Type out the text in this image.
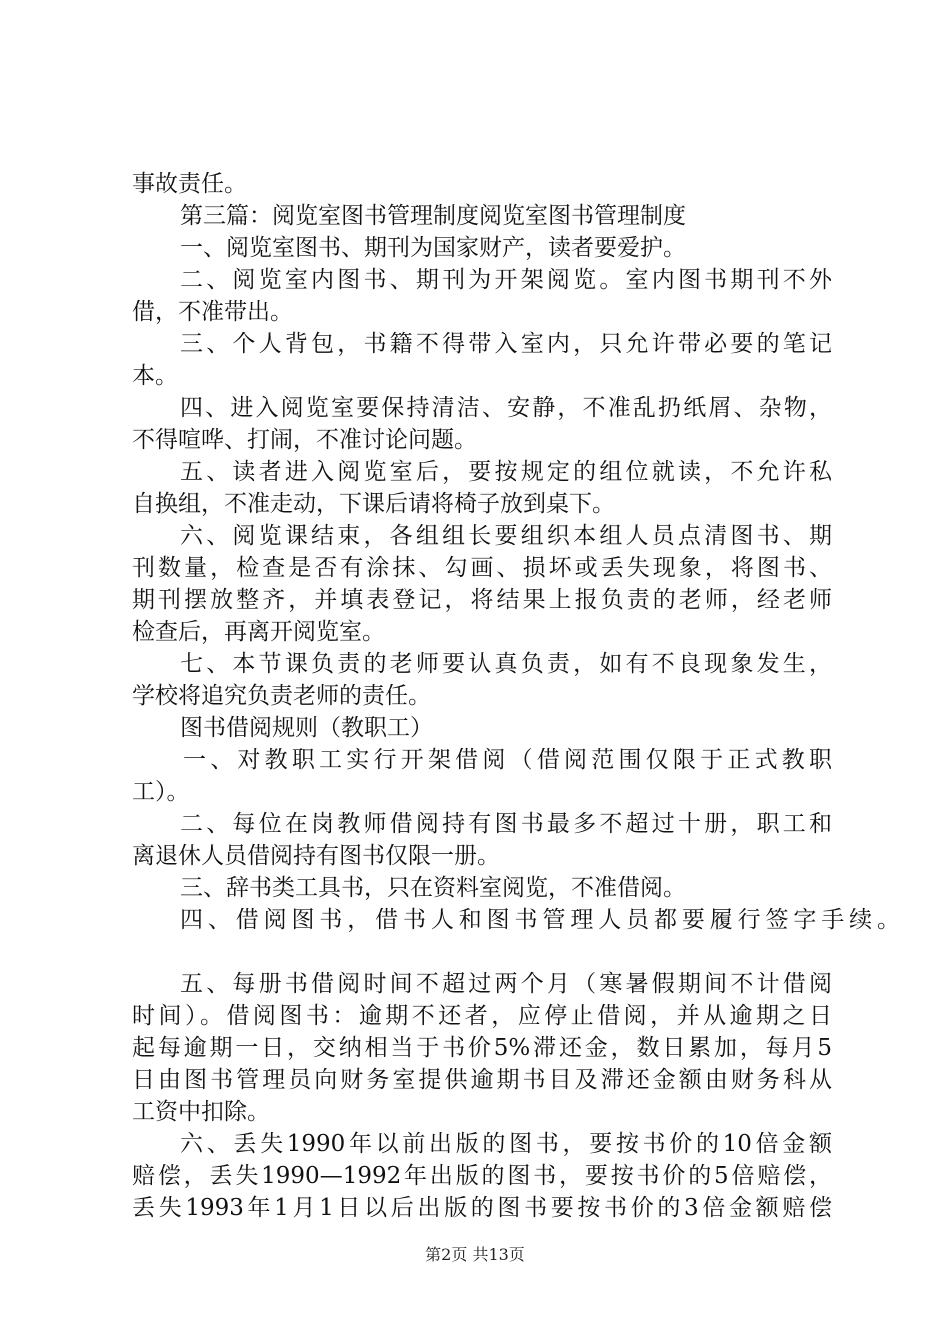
事故责任。
第三篇：阅览室图书管理制度阅览室图书管理制度
一、阅览室图书、期刊为国家财产，读者要爱护。
二、阅览室内图书、期刊为开架阅览。室内图书期刊不外
借，不准带出。
三、个人背包，书籍不得带入室内，只允许带必要的笔记
本。
四、进入阅览室要保持清洁、安静，不准乱扔纸屑、杂物，
不得喧哗、打闹，不准讨论问题。
五、读者进入阅览室后，要按规定的组位就读，不允许私
自换组，不准走动，下课后请将椅子放到桌下。
六、阅览课结束，各组组长要组织本组人员点清图书、期
刊数量，检查是否有涂抹、勾画、损坏或丢失现象，将图书、
期刊摆放整齐，并填表登记，将结果上报负责的老师，经老师
检查后，再离开阅览室。
七、本节课负责的老师要认真负责，如有不良现象发生，
学校将追究负责老师的责任。
图书借阅规则（教职工）
一、对教职工实行开架借阅（借阅范围仅限于正式教职
工）。
二、每位在岗教师借阅持有图书最多不超过十册，职工和
离退休人员借阅持有图书仅限一册。
三、辞书类工具书，只在资料室阅览，不准借阅。
四、借阅图书，借书人和图书管理人员都要履行签字手续。
五、每册书借阅时间不超过两个月（寒暑假期间不计借阅
时间）。借阅图书：逾期不还者，应停止借阅，并从逾期之日
起每逾期一日，交纳相当于书价5%滞还金，数日累加，每月5
日由图书管理员向财务室提供逾期书目及滞还金额由财务科从
工资中扣除。
六、丢失1990年以前出版的图书，要按书价的10倍金额
赔偿，丢失1990—1992年出版的图书，要按书价的5倍赔偿，
丢失1993年1月1日以后出版的图书要按书价的3倍金额赔偿
第2页 共13页
